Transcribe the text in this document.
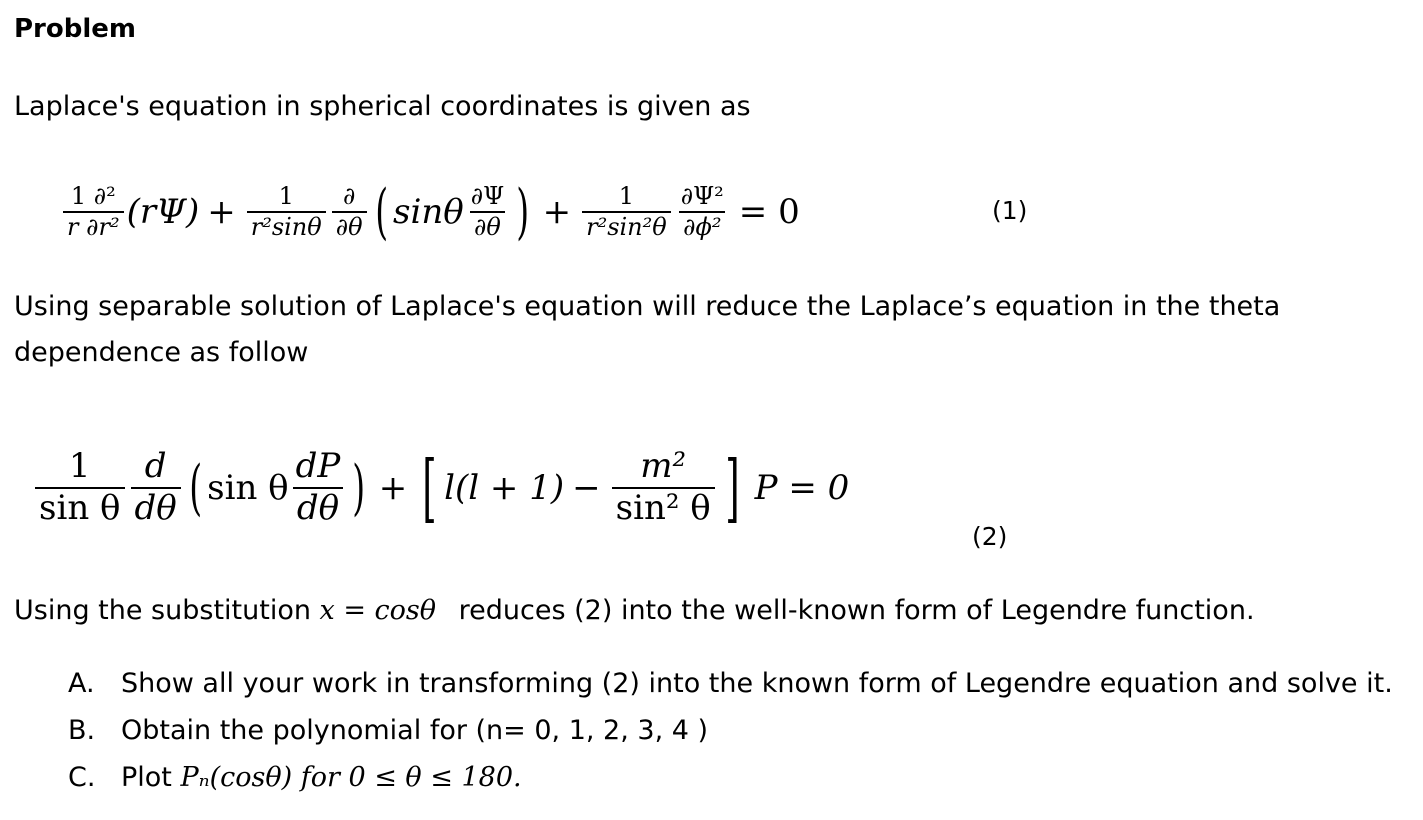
Problem
Laplace's equation in spherical coordinates is given as
$\frac{\text{1 ∂²}}{\text{r ∂r²}} (r\Psi) + \frac{1}{\text{r²sinθ}} \frac{\partial}{\partial\theta}$ ( sinθ $\frac{\partial\Psi}{\partial\theta}$ ) + $\frac{1}{\text{r²sin²θ}} \frac{\text{∂Ψ²}}{\text{∂ϕ²}} = 0$	(1)
Using separable solution of Laplace's equation will reduce the Laplace’s equation in the theta
dependence as follow
$\frac{1}{\text{sin θ}} \frac{d}{d\theta}$ ( sin θ $\frac{dP}{d\theta}$ ) + [ $l(l + 1) - \frac{\text{m²}}{\text{sin² θ}}$ ] P = 0
(2)
Using the substitution x = cosθ reduces (2) into the well-known form of Legendre function.
A. Show all your work in transforming (2) into the known form of Legendre equation and solve it.
B. Obtain the polynomial for (n= 0, 1, 2, 3, 4 )
C. Plot Pₙ(cosθ) for 0 ≤ θ ≤ 180.
